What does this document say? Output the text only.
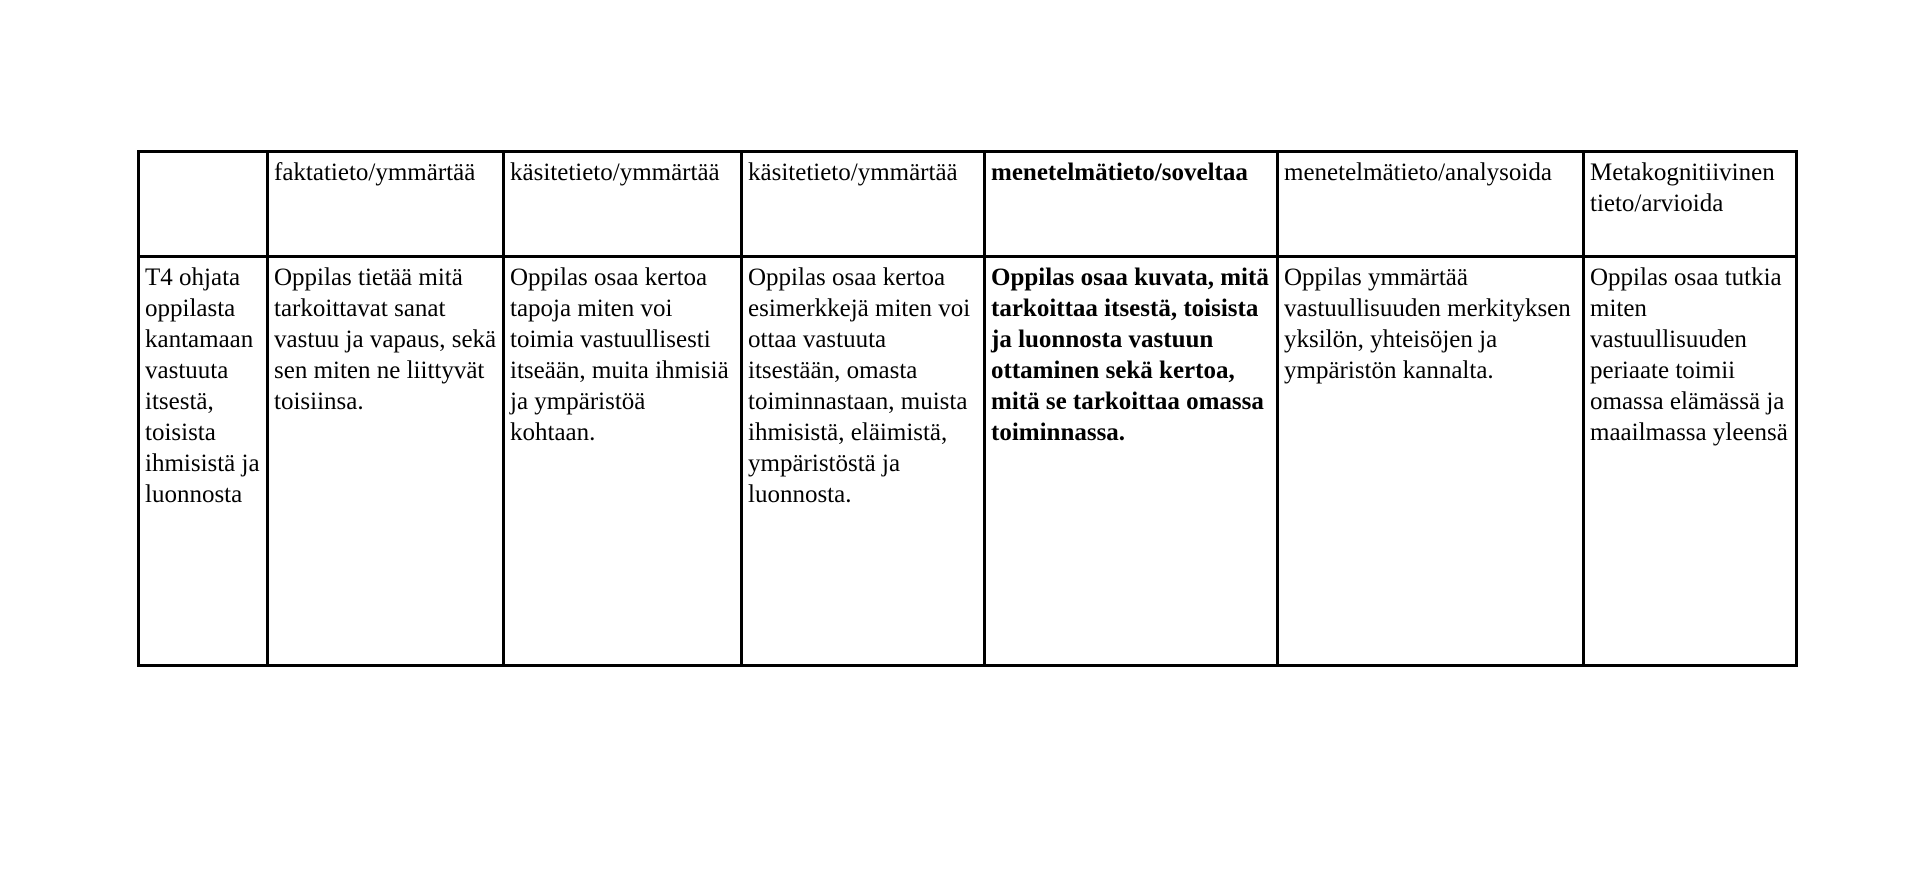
	faktatieto/ymmärtää	käsitetieto/ymmärtää	käsitetieto/ymmärtää	menetelmätieto/soveltaa	menetelmätieto/analysoida	Metakognitiivinen tieto/arvioida
T4 ohjata oppilasta kantamaan vastuuta itsestä, toisista ihmisistä ja luonnosta	Oppilas tietää mitä tarkoittavat sanat vastuu ja vapaus, sekä sen miten ne liittyvät toisiinsa.	Oppilas osaa kertoa tapoja miten voi toimia vastuullisesti itseään, muita ihmisiä ja ympäristöä kohtaan.	Oppilas osaa kertoa esimerkkejä miten voi ottaa vastuuta itsestään, omasta toiminnastaan, muista ihmisistä, eläimistä, ympäristöstä ja luonnosta.	Oppilas osaa kuvata, mitä tarkoittaa itsestä, toisista ja luonnosta vastuun ottaminen sekä kertoa, mitä se tarkoittaa omassa toiminnassa.	Oppilas ymmärtää vastuullisuuden merkityksen yksilön, yhteisöjen ja ympäristön kannalta.	Oppilas osaa tutkia miten vastuullisuuden periaate toimii omassa elämässä ja maailmassa yleensä
